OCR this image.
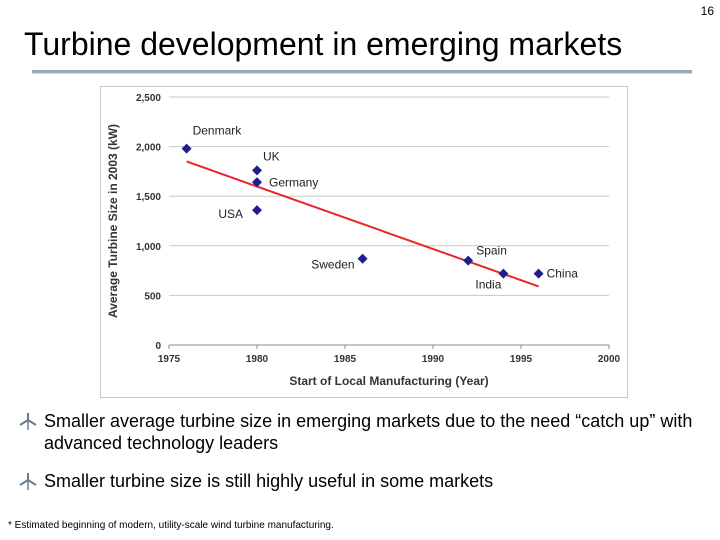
16
Turbine development in emerging markets
0
500
1,000
1,500
2,000
2,500
1975	1980	1985	1990	1995	2000
Start of Local Manufacturing (Year)
Average Turbine Size in 2003 (kW)	Denmark
UK
Germany
USA
Sweden
Spain
India
China
Smaller average turbine size in emerging markets due to the need “catch up” with advanced technology leaders
Smaller turbine size is still highly useful in some markets
* Estimated beginning of modern, utility-scale wind turbine manufacturing.
